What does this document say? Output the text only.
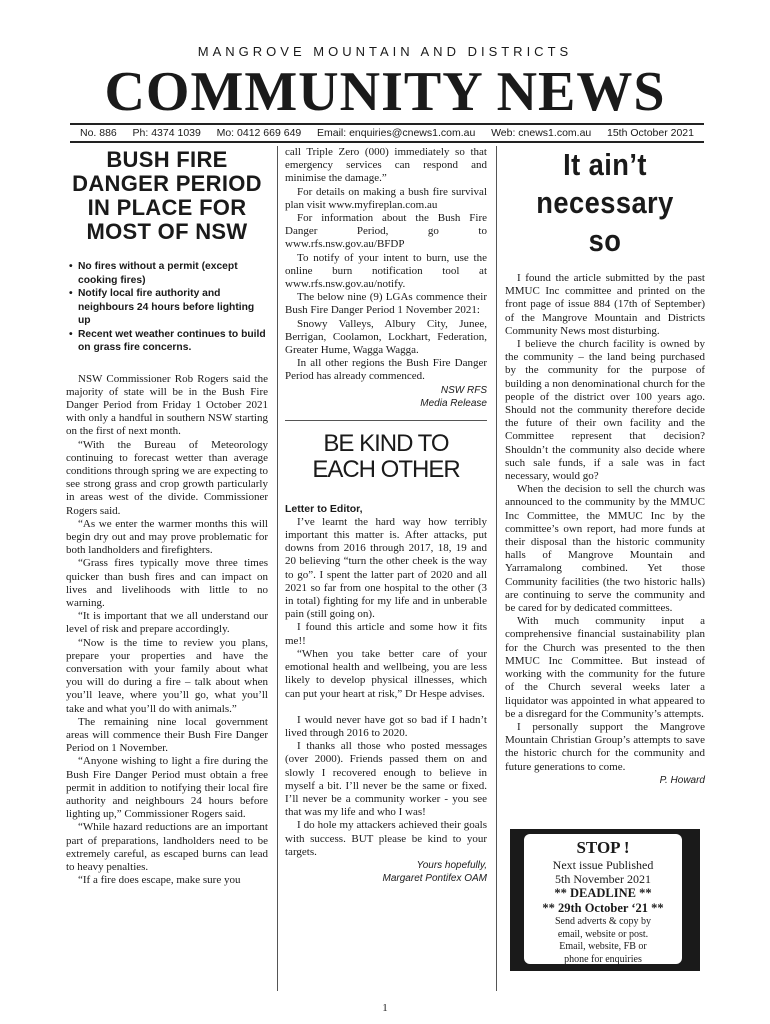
MANGROVE MOUNTAIN AND DISTRICTS
COMMUNITY NEWS
No. 886 Ph: 4374 1039 Mo: 0412 669 649 Email: enquiries@cnews1.com.au Web: cnews1.com.au 15th October 2021
BUSH FIRE
DANGER PERIOD
IN PLACE FOR
MOST OF NSW
• No fires without a permit (except cooking fires)
• Notify local fire authority and neighbours 24 hours before lighting up
• Recent wet weather continues to build on grass fire concerns.

NSW Commissioner Rob Rogers said the majority of state will be in the Bush Fire Danger Period from Friday 1 October 2021 with only a handful in southern NSW starting on the first of next month.

“With the Bureau of Meteorology continuing to forecast wetter than average conditions through spring we are expecting to see strong grass and crop growth particularly in areas west of the divide. Commissioner Rogers said.

“As we enter the warmer months this will begin dry out and may prove problematic for both landholders and firefighters.

“Grass fires typically move three times quicker than bush fires and can impact on lives and livelihoods with little to no warning.

“It is important that we all understand our level of risk and prepare accordingly.

“Now is the time to review you plans, prepare your properties and have the conversation with your family about what you will do during a fire – talk about when you’ll leave, where you’ll go, what you’ll take and what you’ll do with animals.”

The remaining nine local government areas will commence their Bush Fire Danger Period on 1 November.

“Anyone wishing to light a fire during the Bush Fire Danger Period must obtain a free permit in addition to notifying their local fire authority and neighbours 24 hours before lighting up,” Commissioner Rogers said.

“While hazard reductions are an important part of preparations, landholders need to be extremely careful, as escaped burns can lead to heavy penalties.

“If a fire does escape, make sure you

call Triple Zero (000) immediately so that emergency services can respond and minimise the damage.”

For details on making a bush fire survival plan visit www.myfireplan.com.au

For information about the Bush Fire Danger Period, go to www.rfs.nsw.gov.au/BFDP

To notify of your intent to burn, use the online burn notification tool at www.rfs.nsw.gov.au/notify.

The below nine (9) LGAs commence their Bush Fire Danger Period 1 November 2021:

Snowy Valleys, Albury City, Junee, Berrigan, Coolamon, Lockhart, Federation, Greater Hume, Wagga Wagga.

In all other regions the Bush Fire Danger Period has already commenced.

NSW RFS
Media Release
BE KIND TO
EACH OTHER

Letter to Editor,

I’ve learnt the hard way how terribly important this matter is. After attacks, put downs from 2016 through 2017, 18, 19 and 20 believing “turn the other cheek is the way to go”. I spent the latter part of 2020 and all 2021 so far from one hospital to the other (3 in total) fighting for my life and in unberable pain (still going on).

I found this article and some how it fits me!!

“When you take better care of your emotional health and wellbeing, you are less likely to develop physical illnesses, which can put your heart at risk,” Dr Hespe advises.

I would never have got so bad if I hadn’t lived through 2016 to 2020.

I thanks all those who posted messages (over 2000). Friends passed them on and slowly I recovered enough to believe in myself a bit. I’ll never be the same or fixed. I’ll never be a community worker - you see that was my life and who I was!

I do hole my attackers achieved their goals with success. BUT please be kind to your targets.

Yours hopefully,
Margaret Pontifex OAM
It ain’t
necessary so

I found the article submitted by the past MMUC Inc committee and printed on the front page of issue 884 (17th of September) of the Mangrove Mountain and Districts Community News most disturbing.

I believe the church facility is owned by the community – the land being purchased by the community for the purpose of building a non denominational church for the people of the district over 100 years ago. Should not the community therefore decide the future of their own facility and the Committee represent that decision? Shouldn’t the community also decide where such sale funds, if a sale was in fact necessary, would go?

When the decision to sell the church was announced to the community by the MMUC Inc Committee, the MMUC Inc by the committee’s own report, had more funds at their disposal than the historic community halls of Mangrove Mountain and Yarramalong combined. Yet those Community facilities (the two historic halls) are continuing to serve the community and be cared for by dedicated committees.

With much community input a comprehensive financial sustainability plan for the Church was presented to the then MMUC Inc Committee. But instead of working with the community for the future of the Church several weeks later a liquidator was appointed in what appeared to be a disregard for the Community’s attempts.

I personally support the Mangrove Mountain Christian Group’s attempts to save the historic church for the community and future generations to come.

P. Howard
STOP !
Next issue Published
5th November 2021
** DEADLINE **
** 29th October ‘21 **
Send adverts & copy by
email, website or post.
Email, website, FB or
phone for enquiries
1
